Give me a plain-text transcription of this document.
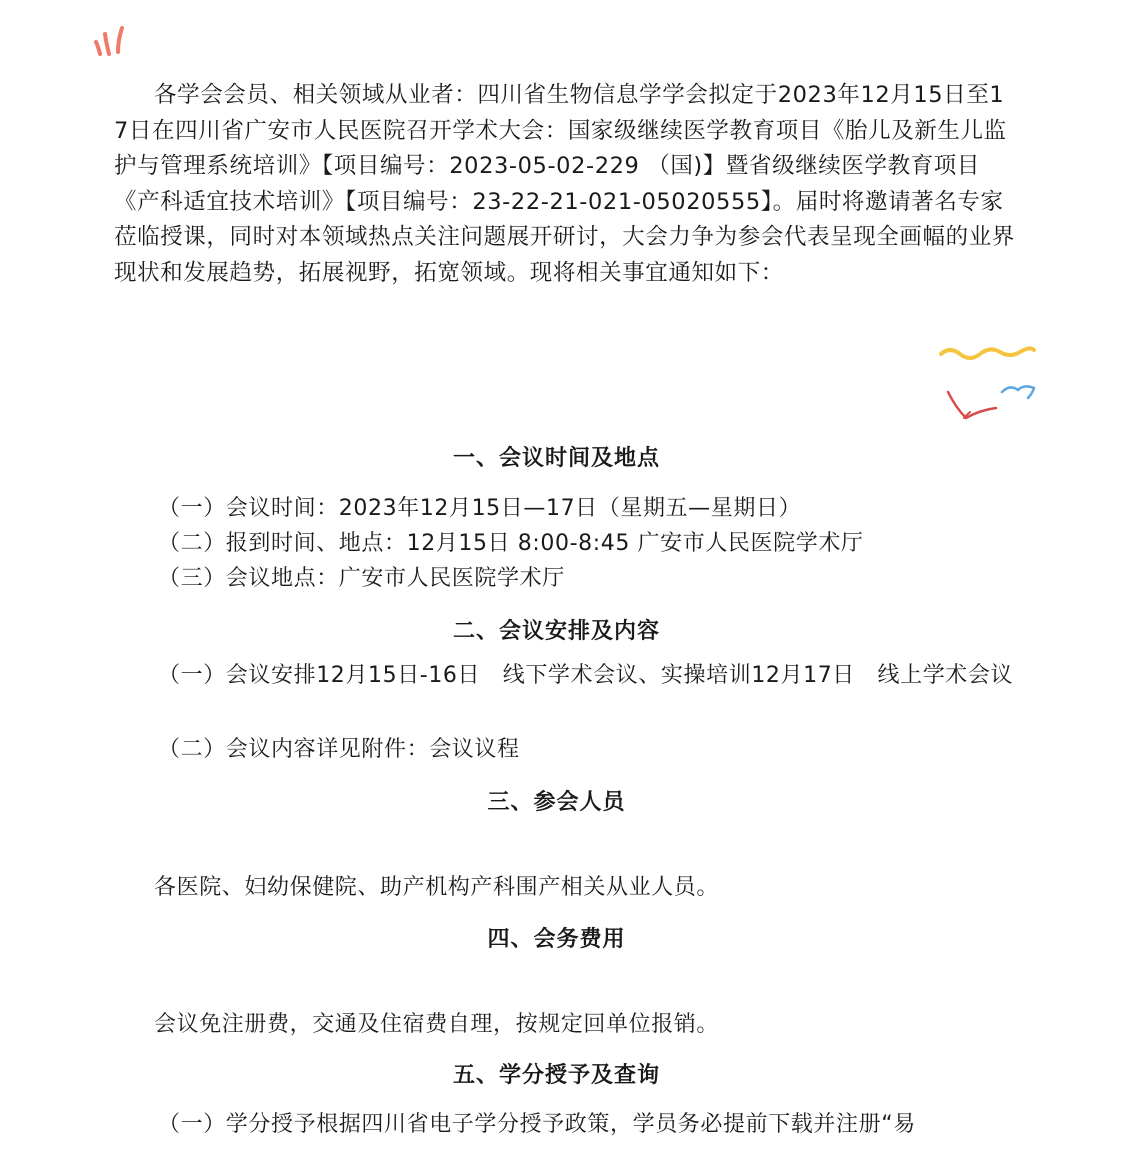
各学会会员、相关领域从业者：四川省生物信息学学会拟定于2023年12月15日至17日在四川省广安市人民医院召开学术大会：国家级继续医学教育项目《胎儿及新生儿监护与管理系统培训》【项目编号：2023-05-02-229 （国)】暨省级继续医学教育项目《产科适宜技术培训》【项目编号：23-22-21-021-05020555】。届时将邀请著名专家莅临授课，同时对本领域热点关注问题展开研讨，大会力争为参会代表呈现全画幅的业界现状和发展趋势，拓展视野，拓宽领域。现将相关事宜通知如下：

一、会议时间及地点
（一）会议时间：2023年12月15日—17日（星期五—星期日）
（二）报到时间、地点：12月15日 8:00-8:45 广安市人民医院学术厅
（三）会议地点：广安市人民医院学术厅
二、会议安排及内容

（一）会议安排12月15日-16日　线下学术会议、实操培训12月17日　线上学术会议

（二）会议内容详见附件：会议议程
三、参会人员
各医院、妇幼保健院、助产机构产科围产相关从业人员。
四、会务费用
会议免注册费，交通及住宿费自理，按规定回单位报销。
五、学分授予及查询
（一）学分授予根据四川省电子学分授予政策，学员务必提前下载并注册“易
